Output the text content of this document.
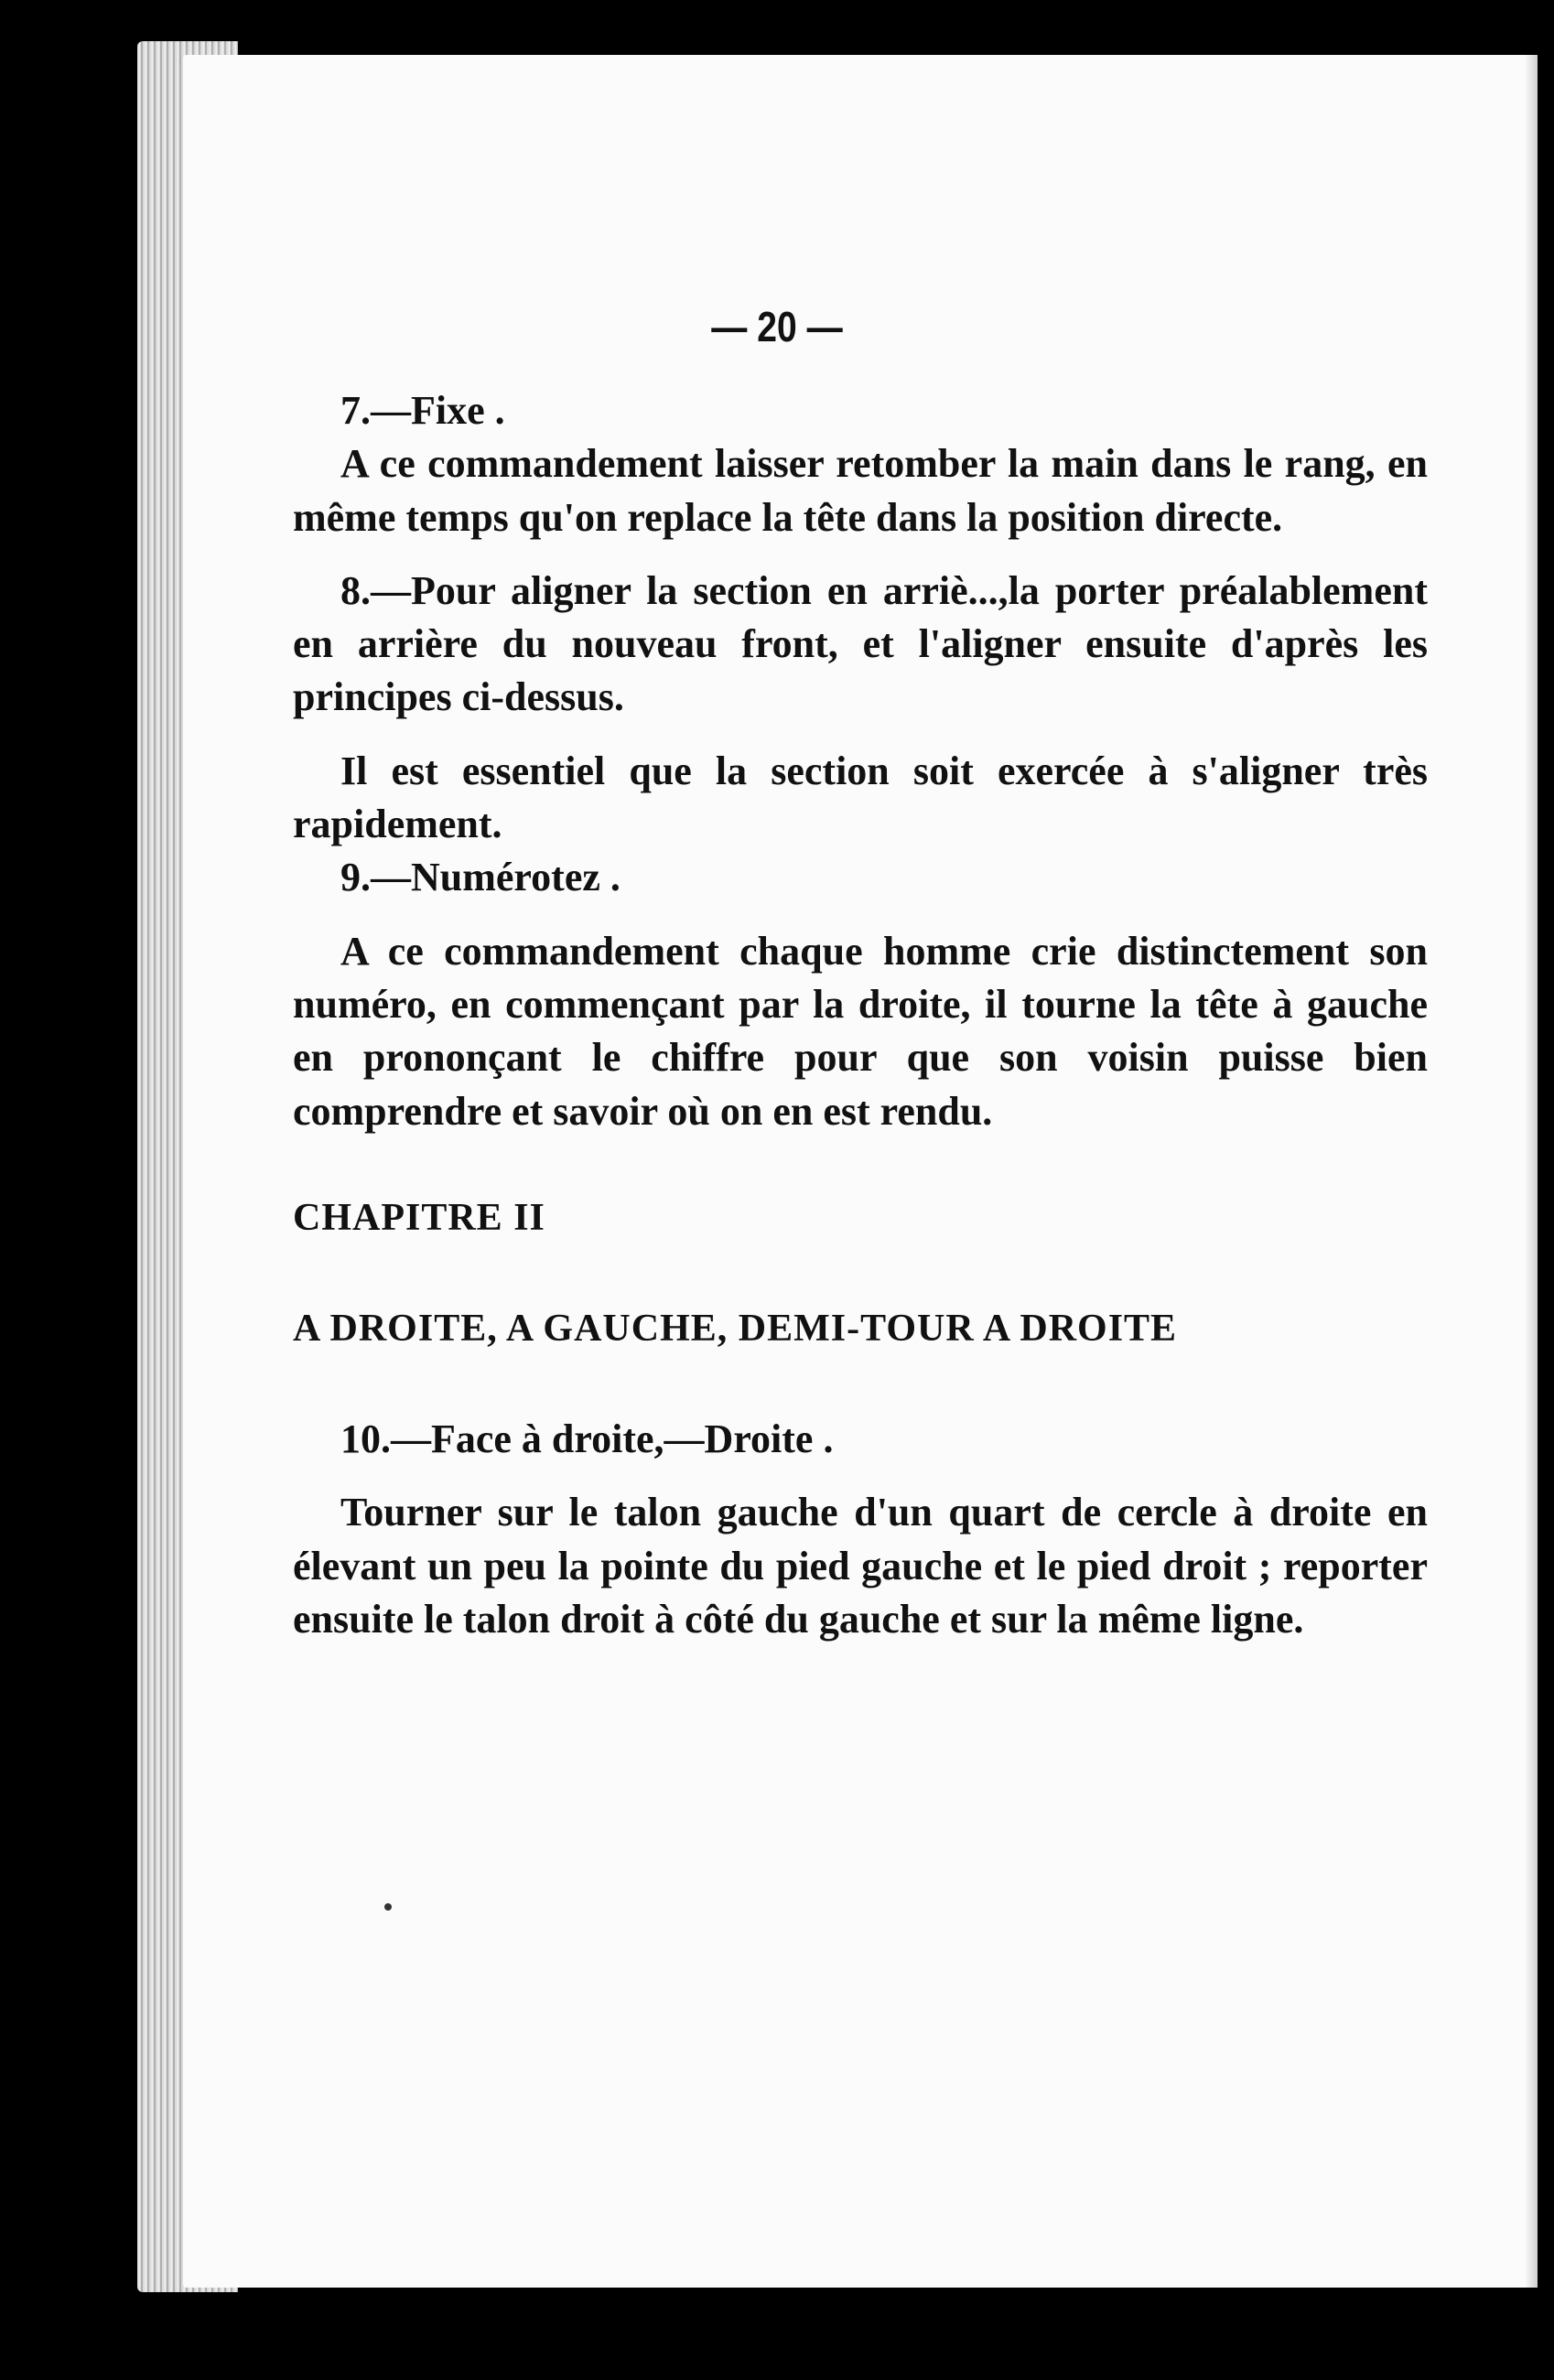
— 20 —

7.—Fixe .

A ce commandement laisser retomber la main dans le rang, en même temps qu'on replace la tête dans la position directe.

8.—Pour aligner la section en arriè...,la porter préalablement en arrière du nouveau front, et l'aligner ensuite d'après les principes ci-dessus.

Il est essentiel que la section soit exercée à s'aligner très rapidement.

9.—Numérotez .

A ce commandement chaque homme crie distinctement son numéro, en commençant par la droite, il tourne la tête à gauche en prononçant le chiffre pour que son voisin puisse bien comprendre et savoir où on en est rendu.

CHAPITRE II

A DROITE, A GAUCHE, DEMI-TOUR A DROITE

10.—Face à droite,—Droite .

Tourner sur le talon gauche d'un quart de cercle à droite en élevant un peu la pointe du pied gauche et le pied droit ; reporter ensuite le talon droit à côté du gauche et sur la même ligne.
